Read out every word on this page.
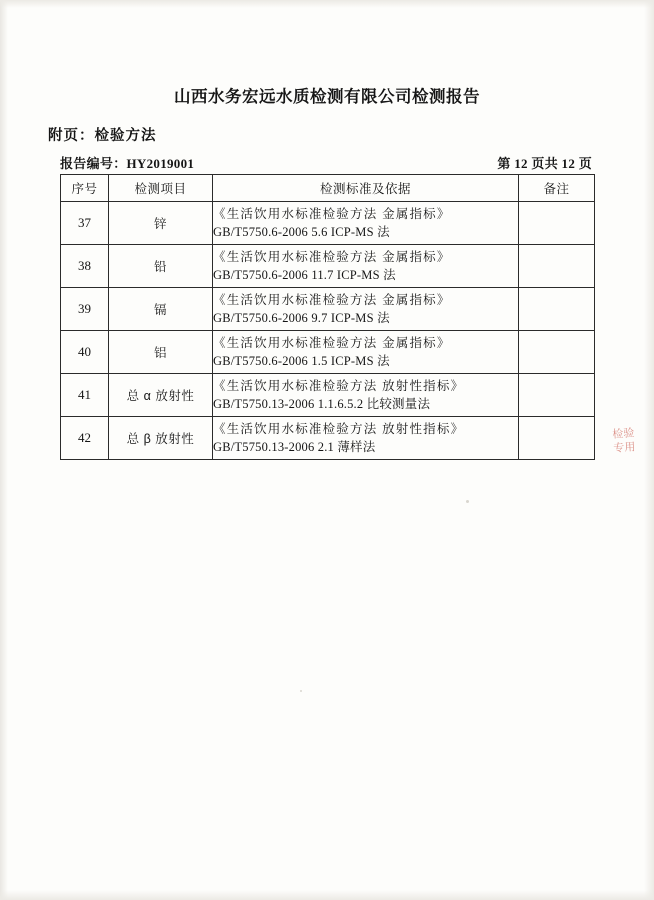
山西水务宏远水质检测有限公司检测报告
附页：检验方法
报告编号：HY2019001	第 12 页共 12 页
序号	检测项目	检测标准及依据	备注
37	锌	《生活饮用水标准检验方法 金属指标》
GB/T5750.6-2006 5.6 ICP-MS 法	

38	铅	《生活饮用水标准检验方法 金属指标》
GB/T5750.6-2006 11.7 ICP-MS 法	

39	镉	《生活饮用水标准检验方法 金属指标》
GB/T5750.6-2006 9.7 ICP-MS 法	

40	铝	《生活饮用水标准检验方法 金属指标》
GB/T5750.6-2006 1.5 ICP-MS 法	

41	总 α 放射性	《生活饮用水标准检验方法 放射性指标》
GB/T5750.13-2006 1.1.6.5.2 比较测量法	

42	总 β 放射性	《生活饮用水标准检验方法 放射性指标》
GB/T5750.13-2006 2.1 薄样法	

检验专用
